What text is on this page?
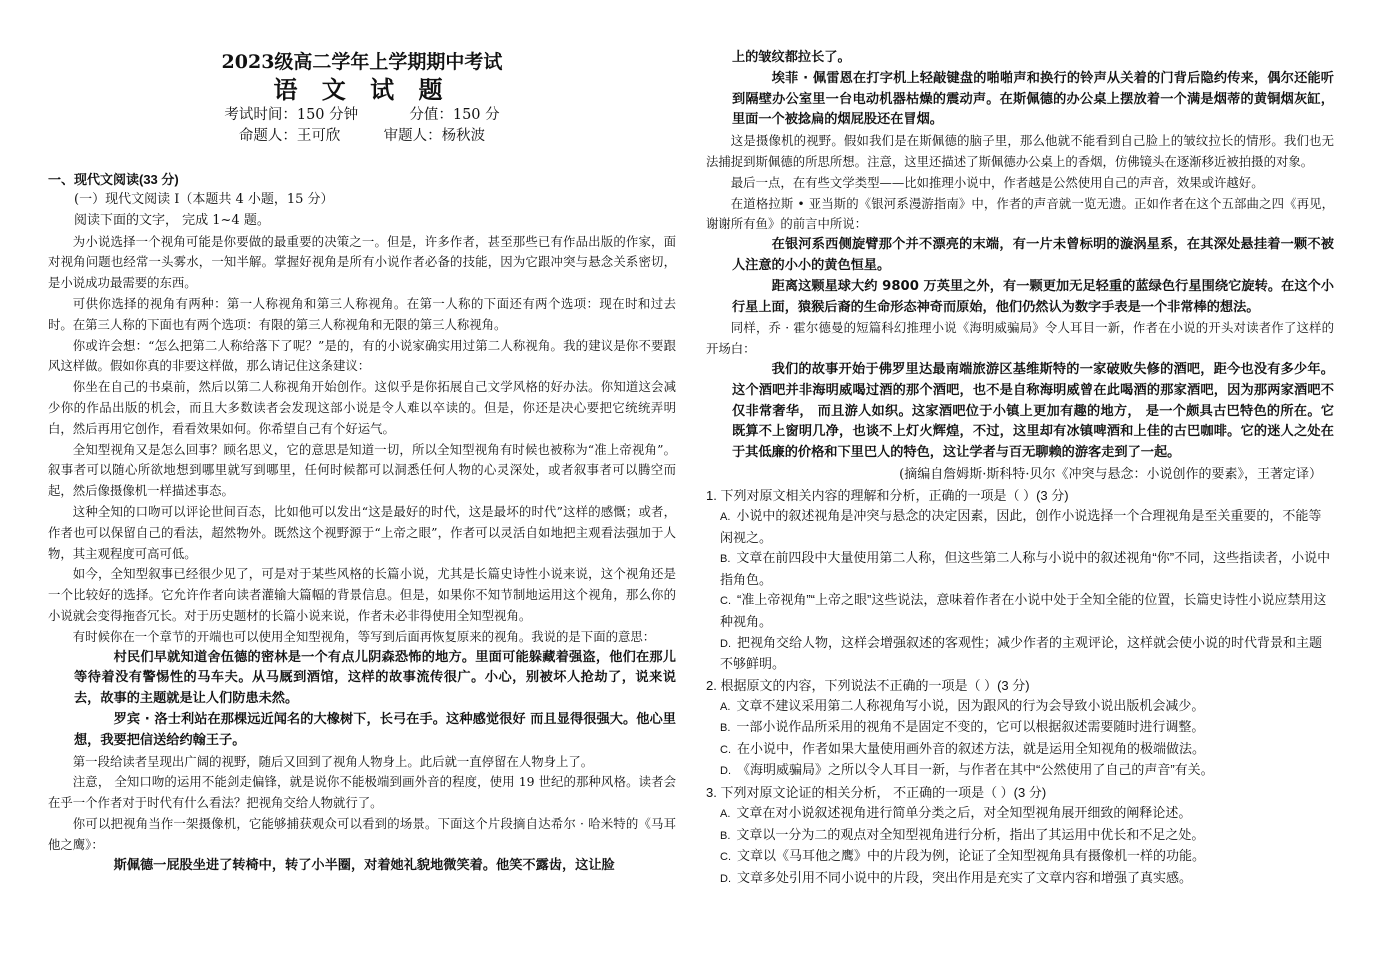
2023级高二学年上学期期中考试

语 文 试 题

考试时间：150 分钟	分值：150 分

命题人：王可欣	审题人：杨秋波

一、现代文阅读(33 分)

(一）现代文阅读 I（本题共 4 小题，15 分）

阅读下面的文字， 完成 1~4 题。

为小说选择一个视角可能是你要做的最重要的决策之一。但是，许多作者，甚至那些已有作品出版的作家，面对视角问题也经常一头雾水，一知半解。掌握好视角是所有小说作者必备的技能，因为它跟冲突与悬念关系密切，是小说成功最需要的东西。

可供你选择的视角有两种：第一人称视角和第三人称视角。在第一人称的下面还有两个选项：现在时和过去时。在第三人称的下面也有两个选项：有限的第三人称视角和无限的第三人称视角。

你或许会想：“怎么把第二人称给落下了呢？”是的，有的小说家确实用过第二人称视角。我的建议是你不要跟风这样做。假如你真的非要这样做，那么请记住这条建议：

你坐在自己的书桌前，然后以第二人称视角开始创作。这似乎是你拓展自己文学风格的好办法。你知道这会减少你的作品出版的机会，而且大多数读者会发现这部小说是令人难以卒读的。但是，你还是决心要把它统统弄明白，然后再用它创作，看看效果如何。你希望自己有个好运气。

全知型视角又是怎么回事？顾名思义，它的意思是知道一切，所以全知型视角有时候也被称为“准上帝视角”。叙事者可以随心所欲地想到哪里就写到哪里，任何时候都可以洞悉任何人物的心灵深处，或者叙事者可以腾空而起，然后像摄像机一样描述事态。

这种全知的口吻可以评论世间百态，比如他可以发出“这是最好的时代，这是最坏的时代”这样的感慨；或者，作者也可以保留自己的看法，超然物外。既然这个视野源于“上帝之眼”，作者可以灵活自如地把主观看法强加于人物，其主观程度可高可低。

如今，全知型叙事已经很少见了，可是对于某些风格的长篇小说，尤其是长篇史诗性小说来说，这个视角还是一个比较好的选择。它允许作者向读者灌输大篇幅的背景信息。但是，如果你不知节制地运用这个视角，那么你的小说就会变得拖沓冗长。对于历史题材的长篇小说来说，作者未必非得使用全知型视角。

有时候你在一个章节的开端也可以使用全知型视角，等写到后面再恢复原来的视角。我说的是下面的意思：

村民们早就知道舍伍德的密林是一个有点儿阴森恐怖的地方。里面可能躲藏着强盗，他们在那儿等待着没有警惕性的马车夫。从马厩到酒馆，这样的故事流传很广。小心，别被坏人抢劫了，说来说去，故事的主题就是让人们防患未然。

罗宾 · 洛士利站在那棵远近闻名的大橡树下，长弓在手。这种感觉很好 而且显得很强大。他心里想，我要把信送给约翰王子。

第一段给读者呈现出广阔的视野，随后又回到了视角人物身上。此后就一直停留在人物身上了。

注意， 全知口吻的运用不能剑走偏锋，就是说你不能极端到画外音的程度，使用 19 世纪的那种风格。读者会在乎一个作者对于时代有什么看法？把视角交给人物就行了。

你可以把视角当作一架摄像机，它能够捕获观众可以看到的场景。下面这个片段摘自达希尔 · 哈米特的《马耳他之鹰》：

斯佩德一屁股坐进了转椅中，转了小半圈，对着她礼貌地微笑着。他笑不露齿，这让脸

上的皱纹都拉长了。

埃菲 · 佩雷恩在打字机上轻敲键盘的啪啪声和换行的铃声从关着的门背后隐约传来，偶尔还能听到隔壁办公室里一台电动机器枯燥的震动声。在斯佩德的办公桌上摆放着一个满是烟蒂的黄铜烟灰缸，里面一个被捻扁的烟屁股还在冒烟。

这是摄像机的视野。假如我们是在斯佩德的脑子里，那么他就不能看到自己脸上的皱纹拉长的情形。我们也无法捕捉到斯佩德的所思所想。注意，这里还描述了斯佩德办公桌上的香烟，仿佛镜头在逐渐移近被拍摄的对象。

最后一点，在有些文学类型——比如推理小说中，作者越是公然使用自己的声音，效果或许越好。

在道格拉斯 • 亚当斯的《银河系漫游指南》中，作者的声音就一览无遗。正如作者在这个五部曲之四《再见，谢谢所有鱼》的前言中所说：

在银河系西侧旋臂那个并不漂亮的末端，有一片未曾标明的漩涡星系，在其深处悬挂着一颗不被人注意的小小的黄色恒星。

距离这颗星球大约 9800 万英里之外，有一颗更加无足轻重的蓝绿色行星围绕它旋转。在这个小行星上面，猿猴后裔的生命形态神奇而原始，他们仍然认为数字手表是一个非常棒的想法。

同样，乔 · 霍尔德曼的短篇科幻推理小说《海明威骗局》令人耳目一新，作者在小说的开头对读者作了这样的开场白：

我们的故事开始于佛罗里达最南端旅游区基维斯特的一家破败失修的酒吧，距今也没有多少年。这个酒吧并非海明威喝过酒的那个酒吧，也不是自称海明威曾在此喝酒的那家酒吧，因为那两家酒吧不仅非常奢华， 而且游人如织。这家酒吧位于小镇上更加有趣的地方， 是一个颇具古巴特色的所在。它既算不上窗明几净，也谈不上灯火辉煌，不过，这里却有冰镇啤酒和上佳的古巴咖啡。它的迷人之处在于其低廉的价格和下里巴人的特色，这让学者与百无聊赖的游客走到了一起。

(摘编自詹姆斯·斯科特·贝尔《冲突与悬念：小说创作的要素》，王著定译）

1. 下列对原文相关内容的理解和分析，正确的一项是（ ）(3 分)

A. 小说中的叙述视角是冲突与悬念的决定因素，因此，创作小说选择一个合理视角是至关重要的，不能等闲视之。

B. 文章在前四段中大量使用第二人称，但这些第二人称与小说中的叙述视角“你”不同，这些指读者，小说中指角色。

C. “准上帝视角”“上帝之眼”这些说法，意味着作者在小说中处于全知全能的位置，长篇史诗性小说应禁用这种视角。

D. 把视角交给人物，这样会增强叙述的客观性；减少作者的主观评论，这样就会使小说的时代背景和主题不够鲜明。

2. 根据原文的内容，下列说法不正确的一项是（ ）(3 分)

A. 文章不建议采用第二人称视角写小说，因为跟风的行为会导致小说出版机会减少。

B. 一部小说作品所采用的视角不是固定不变的，它可以根据叙述需要随时进行调整。

C. 在小说中，作者如果大量使用画外音的叙述方法，就是运用全知视角的极端做法。

D. 《海明威骗局》之所以令人耳目一新，与作者在其中“公然使用了自己的声音”有关。

3. 下列对原文论证的相关分析， 不正确的一项是（ ）(3 分)

A. 文章在对小说叙述视角进行简单分类之后，对全知型视角展开细致的阐释论述。

B. 文章以一分为二的观点对全知型视角进行分析，指出了其运用中优长和不足之处。

C. 文章以《马耳他之鹰》中的片段为例，论证了全知型视角具有摄像机一样的功能。

D. 文章多处引用不同小说中的片段，突出作用是充实了文章内容和增强了真实感。
